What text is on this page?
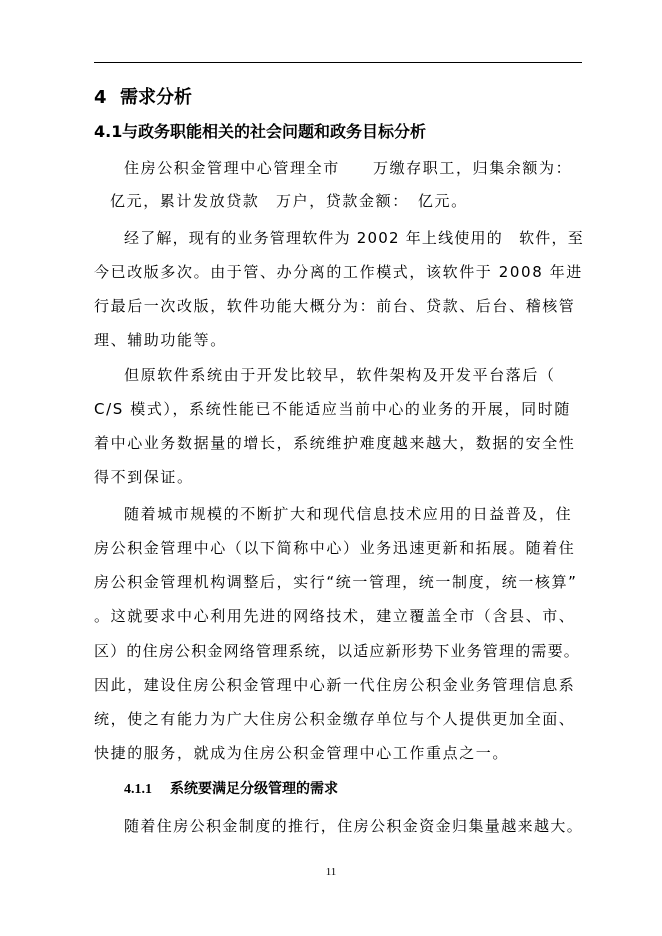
4 需求分析
4.1与政务职能相关的社会问题和政务目标分析
住房公积金管理中心管理全市　　万缴存职工，归集余额为：
亿元，累计发放贷款　万户，贷款金额：　亿元。
经了解，现有的业务管理软件为 2002 年上线使用的　软件，至
今已改版多次。由于管、办分离的工作模式，该软件于 2008 年进
行最后一次改版，软件功能大概分为：前台、贷款、后台、稽核管
理、辅助功能等。
但原软件系统由于开发比较早，软件架构及开发平台落后（
C/S 模式），系统性能已不能适应当前中心的业务的开展，同时随
着中心业务数据量的增长，系统维护难度越来越大，数据的安全性
得不到保证。
随着城市规模的不断扩大和现代信息技术应用的日益普及，住
房公积金管理中心（以下简称中心）业务迅速更新和拓展。随着住
房公积金管理机构调整后，实行“统一管理，统一制度，统一核算”
。这就要求中心利用先进的网络技术，建立覆盖全市（含县、市、
区）的住房公积金网络管理系统，以适应新形势下业务管理的需要。
因此，建设住房公积金管理中心新一代住房公积金业务管理信息系
统，使之有能力为广大住房公积金缴存单位与个人提供更加全面、
快捷的服务，就成为住房公积金管理中心工作重点之一。
4.1.1 系统要满足分级管理的需求
随着住房公积金制度的推行，住房公积金资金归集量越来越大。
11
